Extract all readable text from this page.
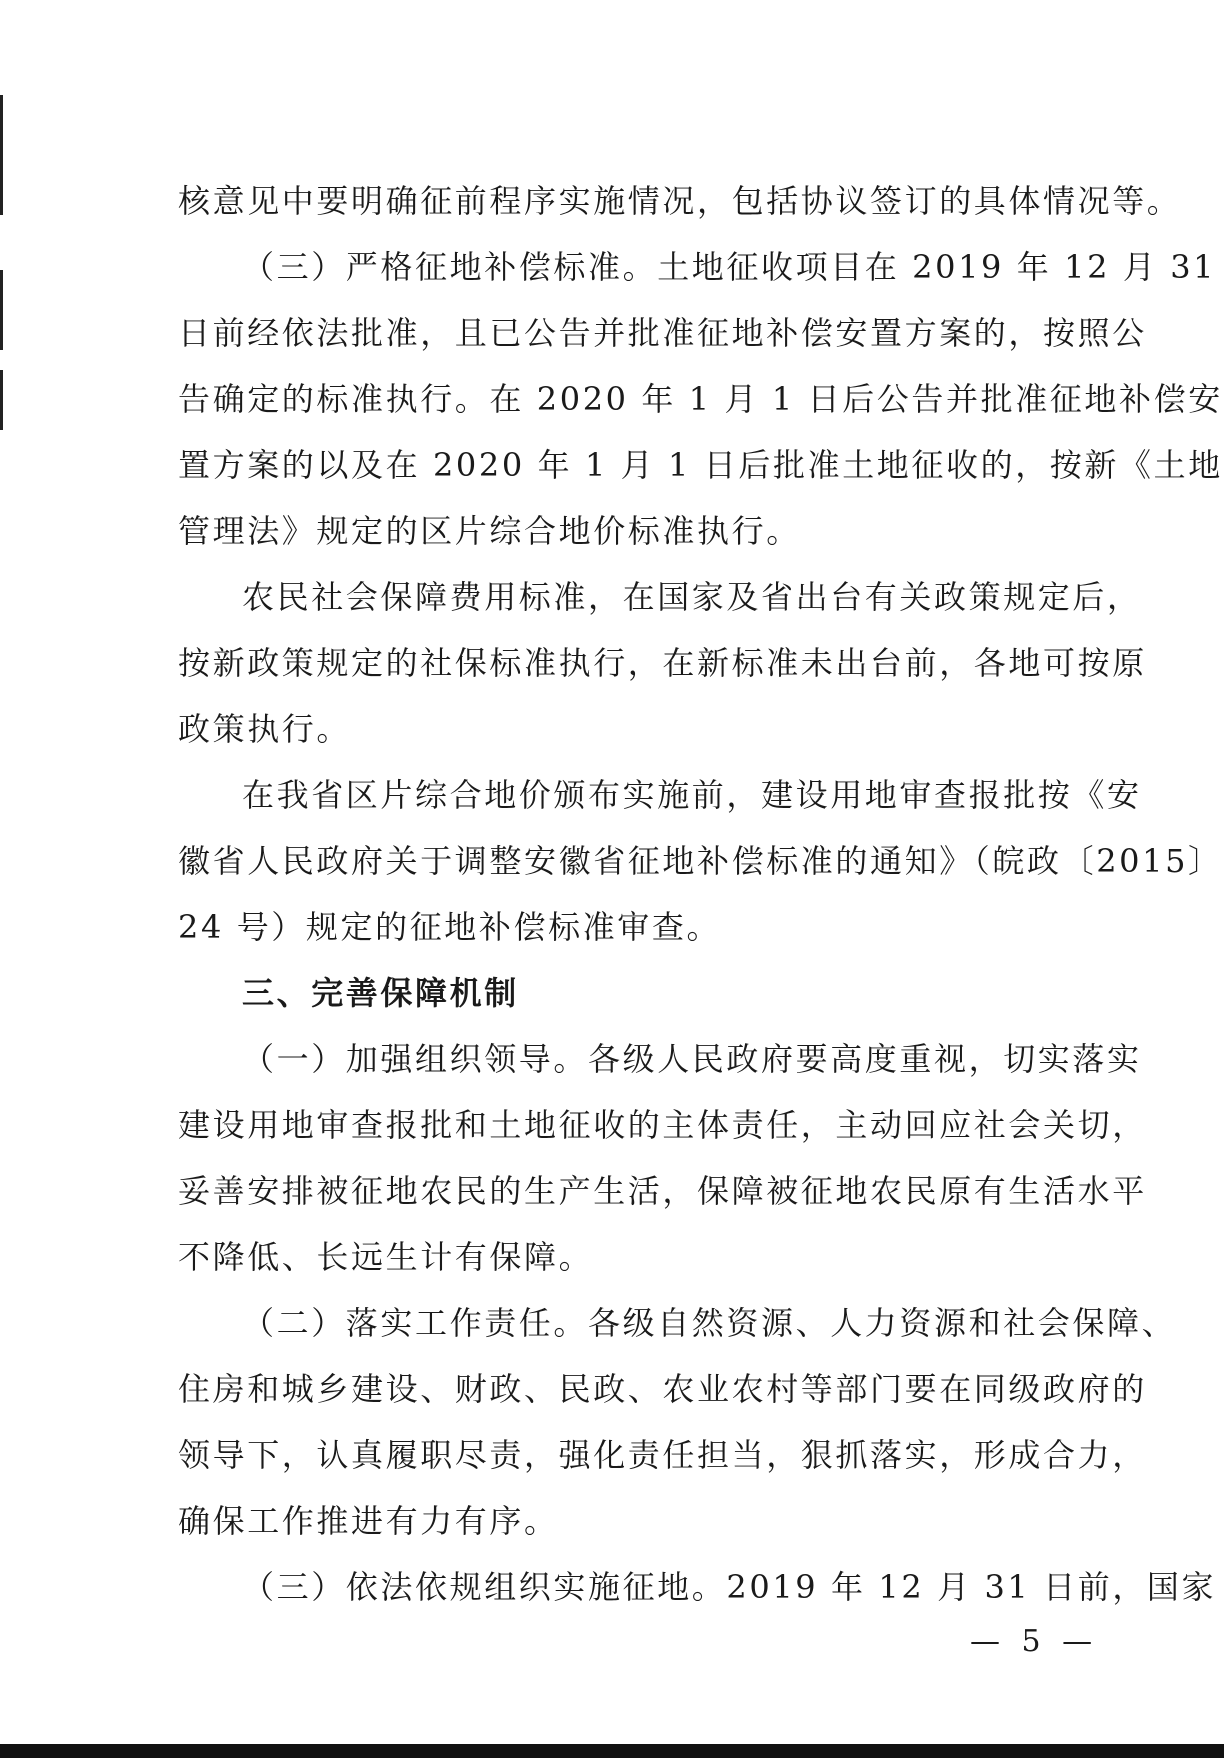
核意见中要明确征前程序实施情况，包括协议签订的具体情况等。
（三）严格征地补偿标准。土地征收项目在 2019 年 12 月 31
日前经依法批准，且已公告并批准征地补偿安置方案的，按照公
告确定的标准执行。在 2020 年 1 月 1 日后公告并批准征地补偿安
置方案的以及在 2020 年 1 月 1 日后批准土地征收的，按新《土地
管理法》规定的区片综合地价标准执行。
农民社会保障费用标准，在国家及省出台有关政策规定后，
按新政策规定的社保标准执行，在新标准未出台前，各地可按原
政策执行。
在我省区片综合地价颁布实施前，建设用地审查报批按《安
徽省人民政府关于调整安徽省征地补偿标准的通知》（皖政〔2015〕
24 号）规定的征地补偿标准审查。
三、完善保障机制
（一）加强组织领导。各级人民政府要高度重视，切实落实
建设用地审查报批和土地征收的主体责任，主动回应社会关切，
妥善安排被征地农民的生产生活，保障被征地农民原有生活水平
不降低、长远生计有保障。
（二）落实工作责任。各级自然资源、人力资源和社会保障、
住房和城乡建设、财政、民政、农业农村等部门要在同级政府的
领导下，认真履职尽责，强化责任担当，狠抓落实，形成合力，
确保工作推进有力有序。
（三）依法依规组织实施征地。2019 年 12 月 31 日前，国家
— 5 —
